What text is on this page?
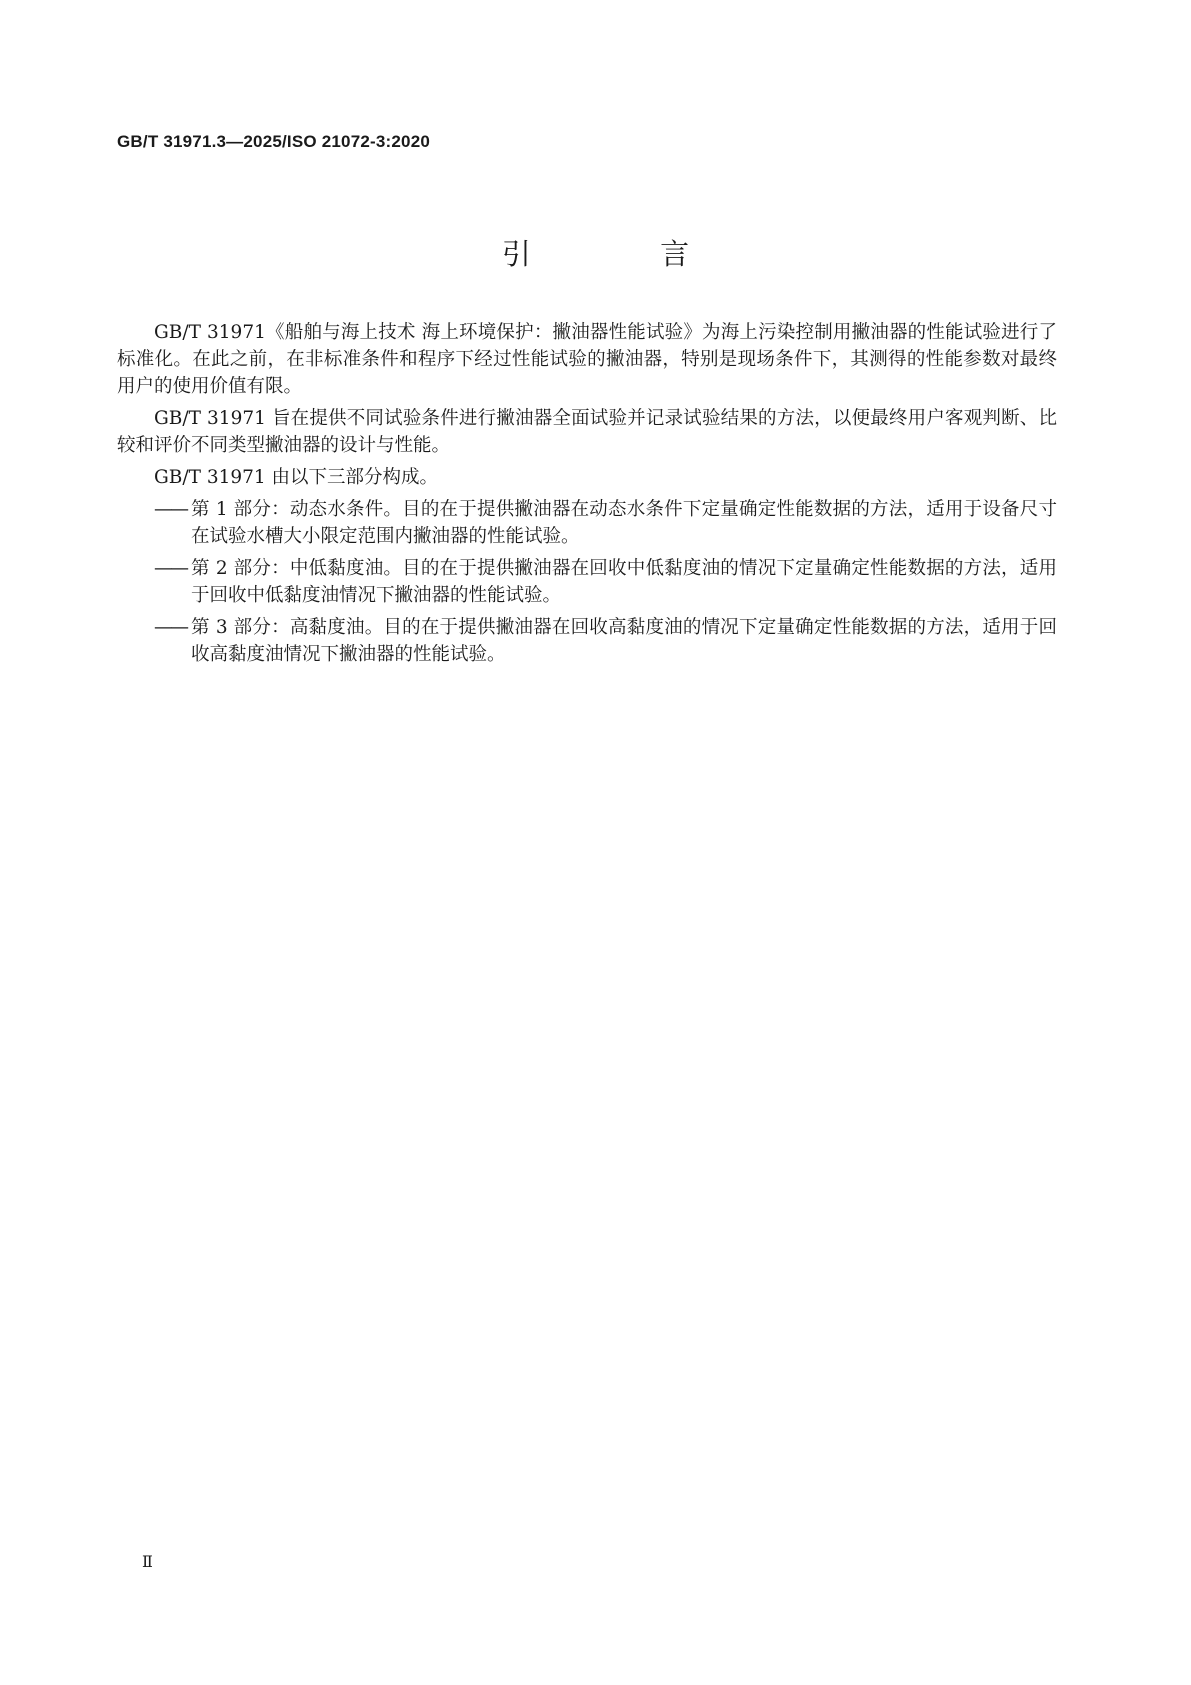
GB/T 31971.3—2025/ISO 21072-3:2020
引 言

GB/T 31971《船舶与海上技术 海上环境保护：撇油器性能试验》为海上污染控制用撇油器的性能试验进行了标准化。在此之前，在非标准条件和程序下经过性能试验的撇油器，特别是现场条件下，其测得的性能参数对最终用户的使用价值有限。

GB/T 31971 旨在提供不同试验条件进行撇油器全面试验并记录试验结果的方法，以便最终用户客观判断、比较和评价不同类型撇油器的设计与性能。

GB/T 31971 由以下三部分构成。

—— 第 1 部分：动态水条件。目的在于提供撇油器在动态水条件下定量确定性能数据的方法，适用于设备尺寸在试验水槽大小限定范围内撇油器的性能试验。
—— 第 2 部分：中低黏度油。目的在于提供撇油器在回收中低黏度油的情况下定量确定性能数据的方法，适用于回收中低黏度油情况下撇油器的性能试验。
—— 第 3 部分：高黏度油。目的在于提供撇油器在回收高黏度油的情况下定量确定性能数据的方法，适用于回收高黏度油情况下撇油器的性能试验。
Ⅱ
